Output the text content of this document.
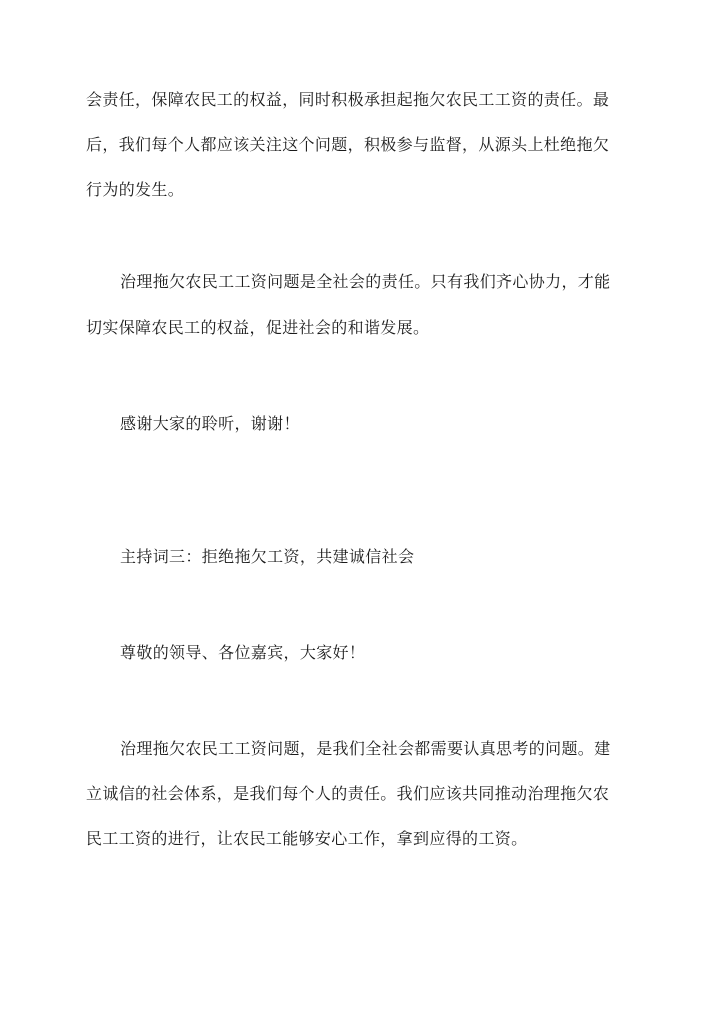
会责任，保障农民工的权益，同时积极承担起拖欠农民工工资的责任。最
后，我们每个人都应该关注这个问题，积极参与监督，从源头上杜绝拖欠
行为的发生。
治理拖欠农民工工资问题是全社会的责任。只有我们齐心协力，才能
切实保障农民工的权益，促进社会的和谐发展。
感谢大家的聆听，谢谢！
主持词三：拒绝拖欠工资，共建诚信社会
尊敬的领导、各位嘉宾，大家好！
治理拖欠农民工工资问题，是我们全社会都需要认真思考的问题。建
立诚信的社会体系，是我们每个人的责任。我们应该共同推动治理拖欠农
民工工资的进行，让农民工能够安心工作，拿到应得的工资。
